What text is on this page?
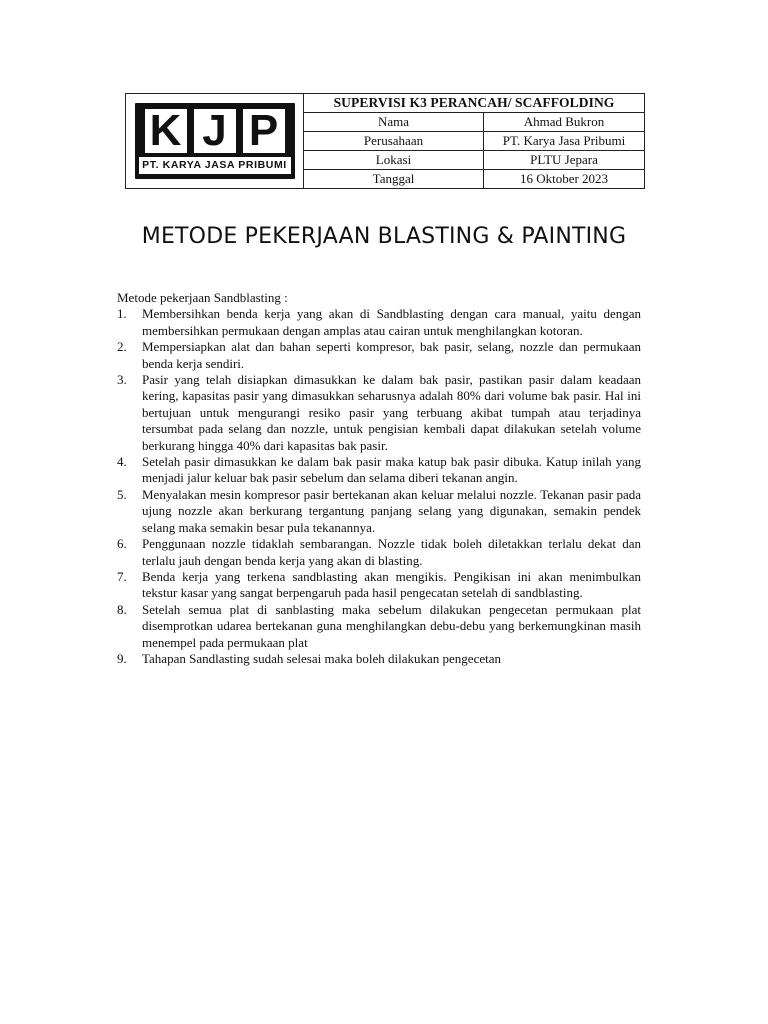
K J P
PT. KARYA JASA PRIBUMI	SUPERVISI K3 PERANCAH/ SCAFFOLDING	
	Nama	Ahmad Bukron
	Perusahaan	PT. Karya Jasa Pribumi
	Lokasi	PLTU Jepara
	Tanggal	16 Oktober 2023
METODE PEKERJAAN BLASTING & PAINTING

Metode pekerjaan Sandblasting :

1. Membersihkan benda kerja yang akan di Sandblasting dengan cara manual, yaitu dengan membersihkan permukaan dengan amplas atau cairan untuk menghilangkan kotoran.
2. Mempersiapkan alat dan bahan seperti kompresor, bak pasir, selang, nozzle dan permukaan benda kerja sendiri.
3. Pasir yang telah disiapkan dimasukkan ke dalam bak pasir, pastikan pasir dalam keadaan kering, kapasitas pasir yang dimasukkan seharusnya adalah 80% dari volume bak pasir. Hal ini bertujuan untuk mengurangi resiko pasir yang terbuang akibat tumpah atau terjadinya tersumbat pada selang dan nozzle, untuk pengisian kembali dapat dilakukan setelah volume berkurang hingga 40% dari kapasitas bak pasir.
4. Setelah pasir dimasukkan ke dalam bak pasir maka katup bak pasir dibuka. Katup inilah yang menjadi jalur keluar bak pasir sebelum dan selama diberi tekanan angin.
5. Menyalakan mesin kompresor pasir bertekanan akan keluar melalui nozzle. Tekanan pasir pada ujung nozzle akan berkurang tergantung panjang selang yang digunakan, semakin pendek selang maka semakin besar pula tekanannya.
6. Penggunaan nozzle tidaklah sembarangan. Nozzle tidak boleh diletakkan terlalu dekat dan terlalu jauh dengan benda kerja yang akan di blasting.
7. Benda kerja yang terkena sandblasting akan mengikis. Pengikisan ini akan menimbulkan tekstur kasar yang sangat berpengaruh pada hasil pengecatan setelah di sandblasting.
8. Setelah semua plat di sanblasting maka sebelum dilakukan pengecetan permukaan plat disemprotkan udarea bertekanan guna menghilangkan debu-debu yang berkemungkinan masih menempel pada permukaan plat
9. Tahapan Sandlasting sudah selesai maka boleh dilakukan pengecetan
